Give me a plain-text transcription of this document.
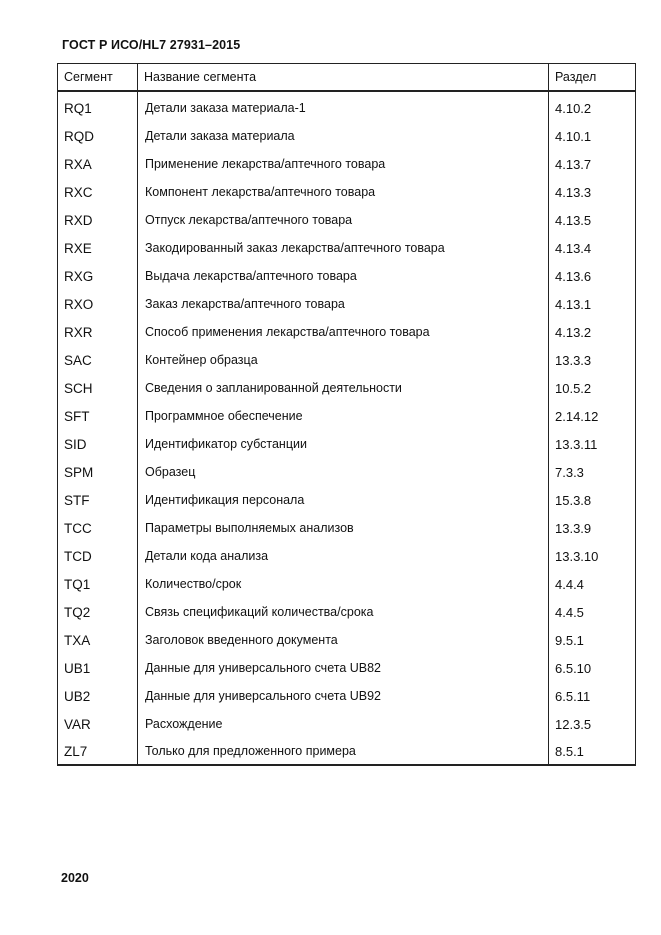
ГОСТ Р ИСО/HL7 27931–2015
Сегмент	Название сегмента	Раздел
RQ1	Детали заказа материала-1	4.10.2
RQD	Детали заказа материала	4.10.1
RXA	Применение лекарства/аптечного товара	4.13.7
RXC	Компонент лекарства/аптечного товара	4.13.3
RXD	Отпуск лекарства/аптечного товара	4.13.5
RXE	Закодированный заказ лекарства/аптечного товара	4.13.4
RXG	Выдача лекарства/аптечного товара	4.13.6
RXO	Заказ лекарства/аптечного товара	4.13.1
RXR	Способ применения лекарства/аптечного товара	4.13.2
SAC	Контейнер образца	13.3.3
SCH	Сведения о запланированной деятельности	10.5.2
SFT	Программное обеспечение	2.14.12
SID	Идентификатор субстанции	13.3.11
SPM	Образец	7.3.3
STF	Идентификация персонала	15.3.8
TCC	Параметры выполняемых анализов	13.3.9
TCD	Детали кода анализа	13.3.10
TQ1	Количество/срок	4.4.4
TQ2	Связь спецификаций количества/срока	4.4.5
TXA	Заголовок введенного документа	9.5.1
UB1	Данные для универсального счета UB82	6.5.10
UB2	Данные для универсального счета UB92	6.5.11
VAR	Расхождение	12.3.5
ZL7	Только для предложенного примера	8.5.1
2020
